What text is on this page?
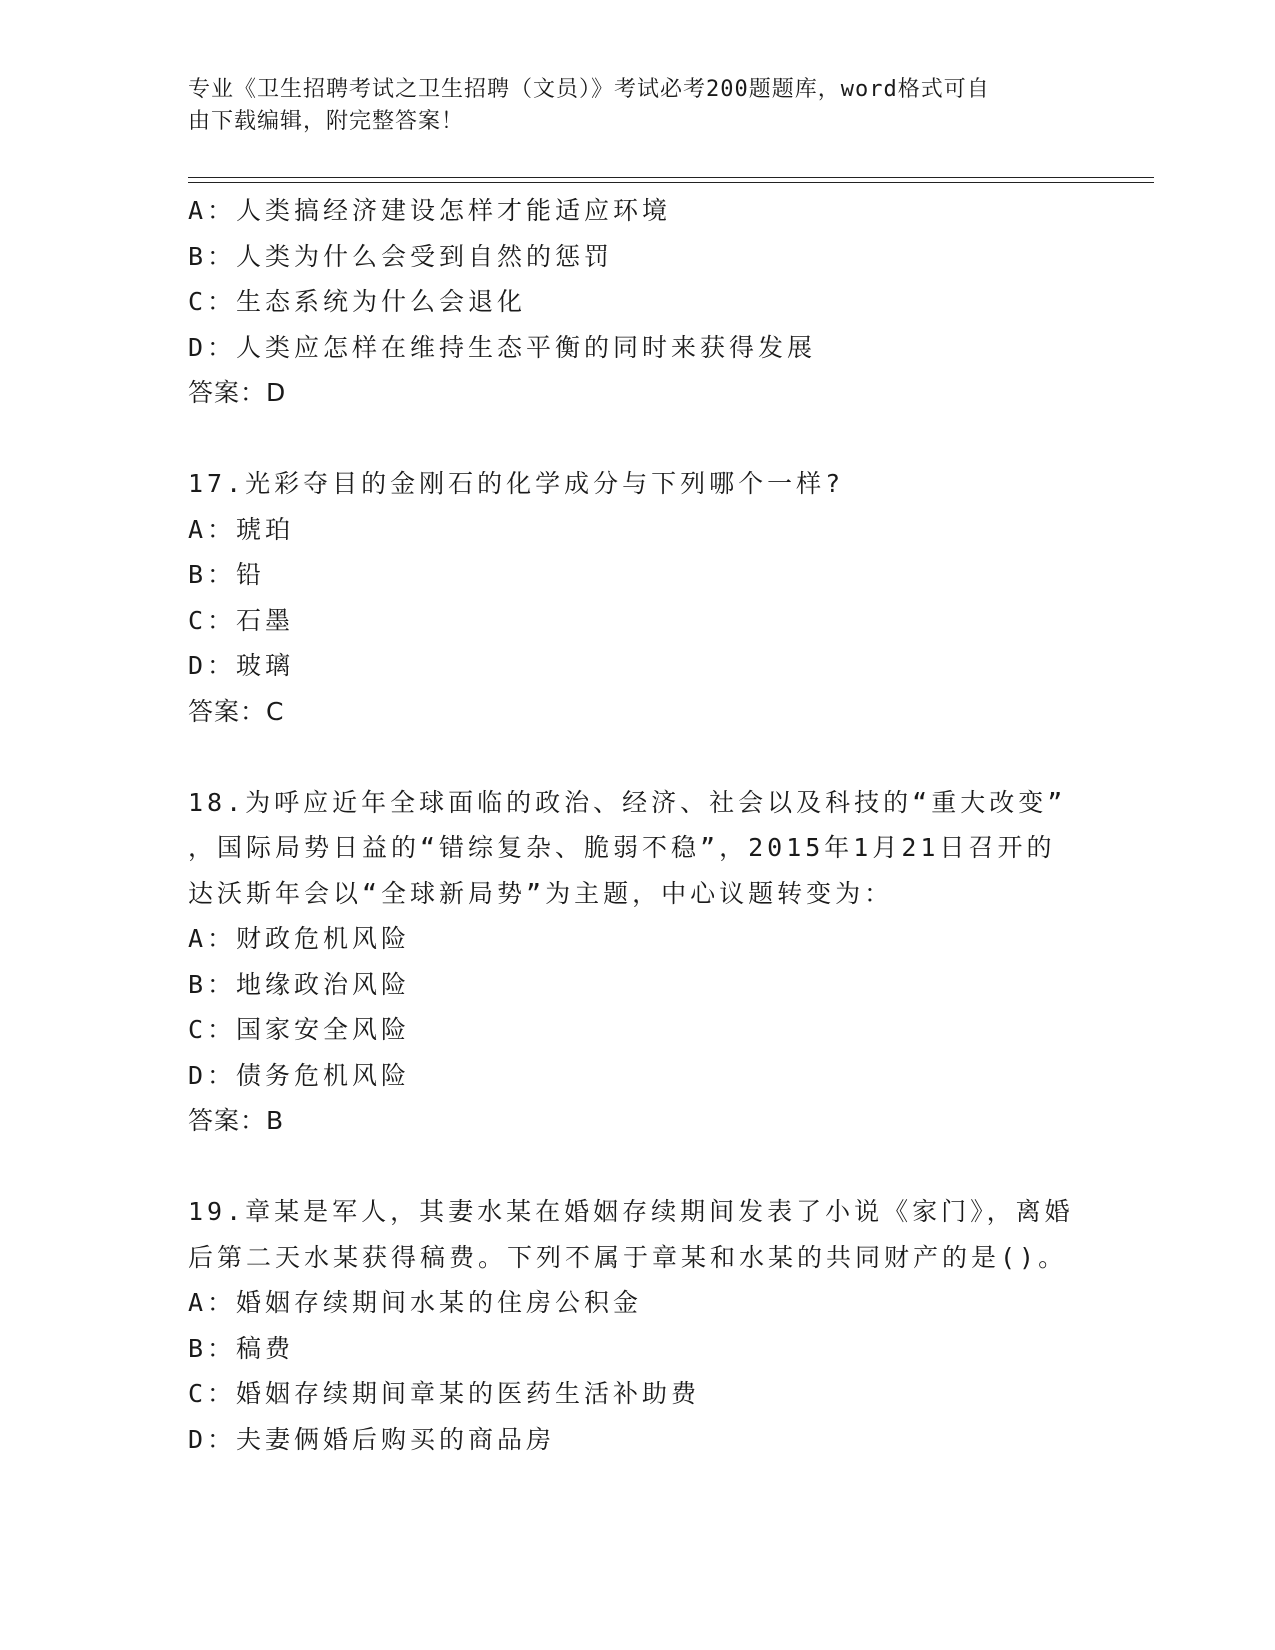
专业《卫生招聘考试之卫生招聘（文员）》考试必考200题题库，word格式可自
由下载编辑，附完整答案！
A：人类搞经济建设怎样才能适应环境
B：人类为什么会受到自然的惩罚
C：生态系统为什么会退化
D：人类应怎样在维持生态平衡的同时来获得发展
答案：D
17.光彩夺目的金刚石的化学成分与下列哪个一样?
A：琥珀
B：铅
C：石墨
D：玻璃
答案：C
18.为呼应近年全球面临的政治、经济、社会以及科技的“重大改变”
，国际局势日益的“错综复杂、脆弱不稳”，2015年1月21日召开的
达沃斯年会以“全球新局势”为主题，中心议题转变为：
A：财政危机风险
B：地缘政治风险
C：国家安全风险
D：债务危机风险
答案：B
19.章某是军人，其妻水某在婚姻存续期间发表了小说《家门》，离婚
后第二天水某获得稿费。下列不属于章某和水某的共同财产的是()。
A：婚姻存续期间水某的住房公积金
B：稿费
C：婚姻存续期间章某的医药生活补助费
D：夫妻俩婚后购买的商品房
